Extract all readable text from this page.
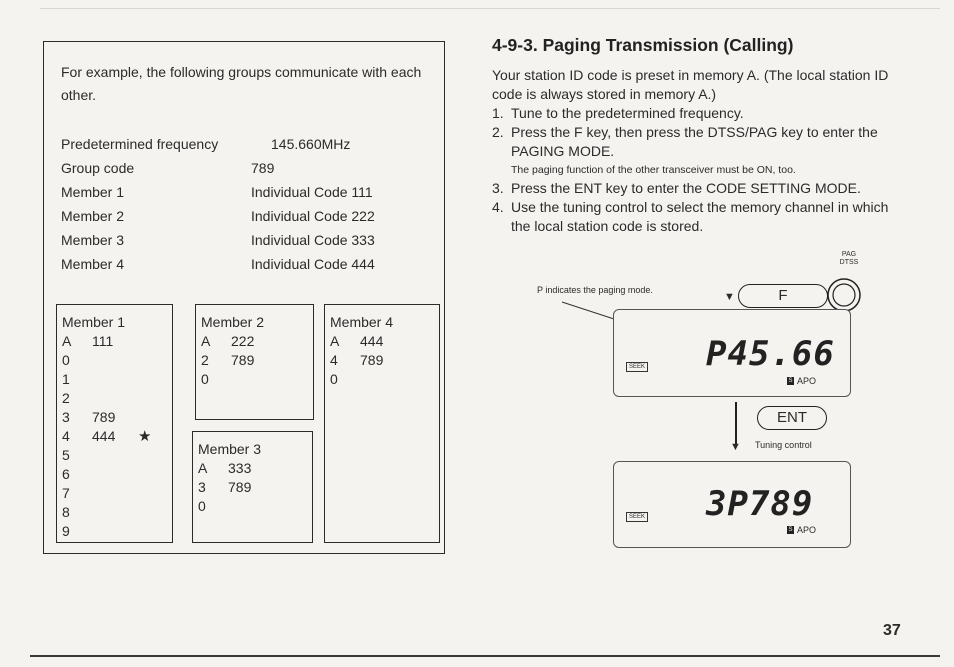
For example, the following groups communicate with each other.
Predetermined frequency	145.660MHz
Group code	789
Member 1	Individual Code 111
Member 2	Individual Code 222
Member 3	Individual Code 333
Member 4	Individual Code 444
Member 1
A	111
0
1
2
3	789
4	444	★
5
6
7
8
9
Member 2
A	222
2	789
0
Member 4
A	444
4	789
0
Member 3
A	333
3	789
0
4-9-3. Paging Transmission (Calling)

Your station ID code is preset in memory A. (The local station ID code is always stored in memory A.)

1. Tune to the predetermined frequency.
2. Press the F key, then press the DTSS/PAG key to enter the PAGING MODE.
The paging function of the other transceiver must be ON, too.
3. Press the ENT key to enter the CODE SETTING MODE.
4. Use the tuning control to select the memory channel in which the local station code is stored.
P indicates the paging mode.
PAG
DTSS
▼	F
SEEK P45.66
S APO
▼
ENT
Tuning control
SEEK 3P789
S APO
37
